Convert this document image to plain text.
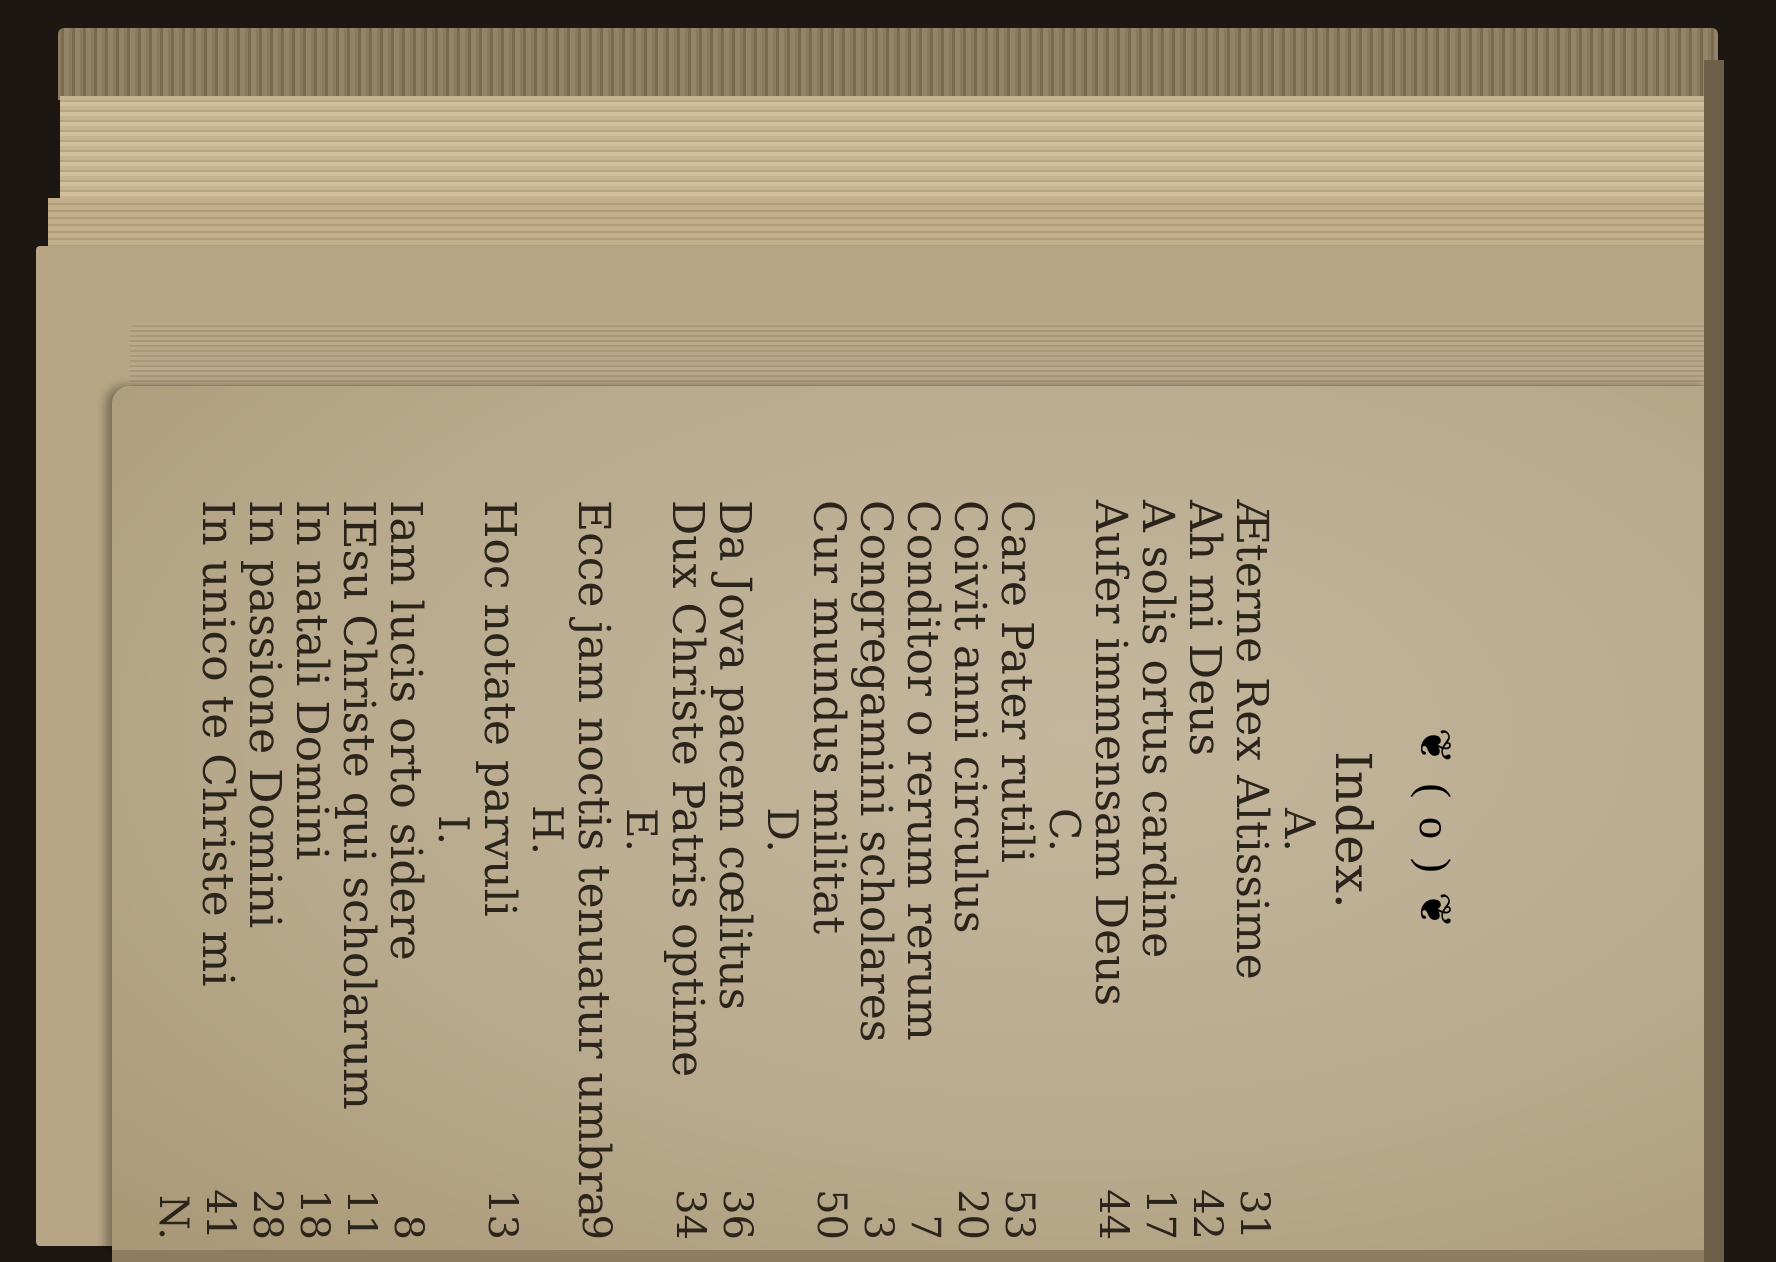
❦ ( o ) ❦
Index.
A.
Æterne Rex Altissime
31
Ah mi Deus
42
A solis ortus cardine
17
Aufer immensam Deus
44
C.
Care Pater rutili
53
Coivit anni circulus
20
Conditor o rerum rerum
7
Congregamini scholares
3
Cur mundus militat
50
D.
Da Jova pacem cœlitus
36
Dux Christe Patris optime
34
E.
Ecce jam noctis tenuatur umbra
9
H.
Hoc notate parvuli
13
I.
Iam lucis orto sidere
8
IEsu Christe qui scholarum
11
In natali Domini
18
In passione Domini
28
In unico te Christe mi
41
N.
